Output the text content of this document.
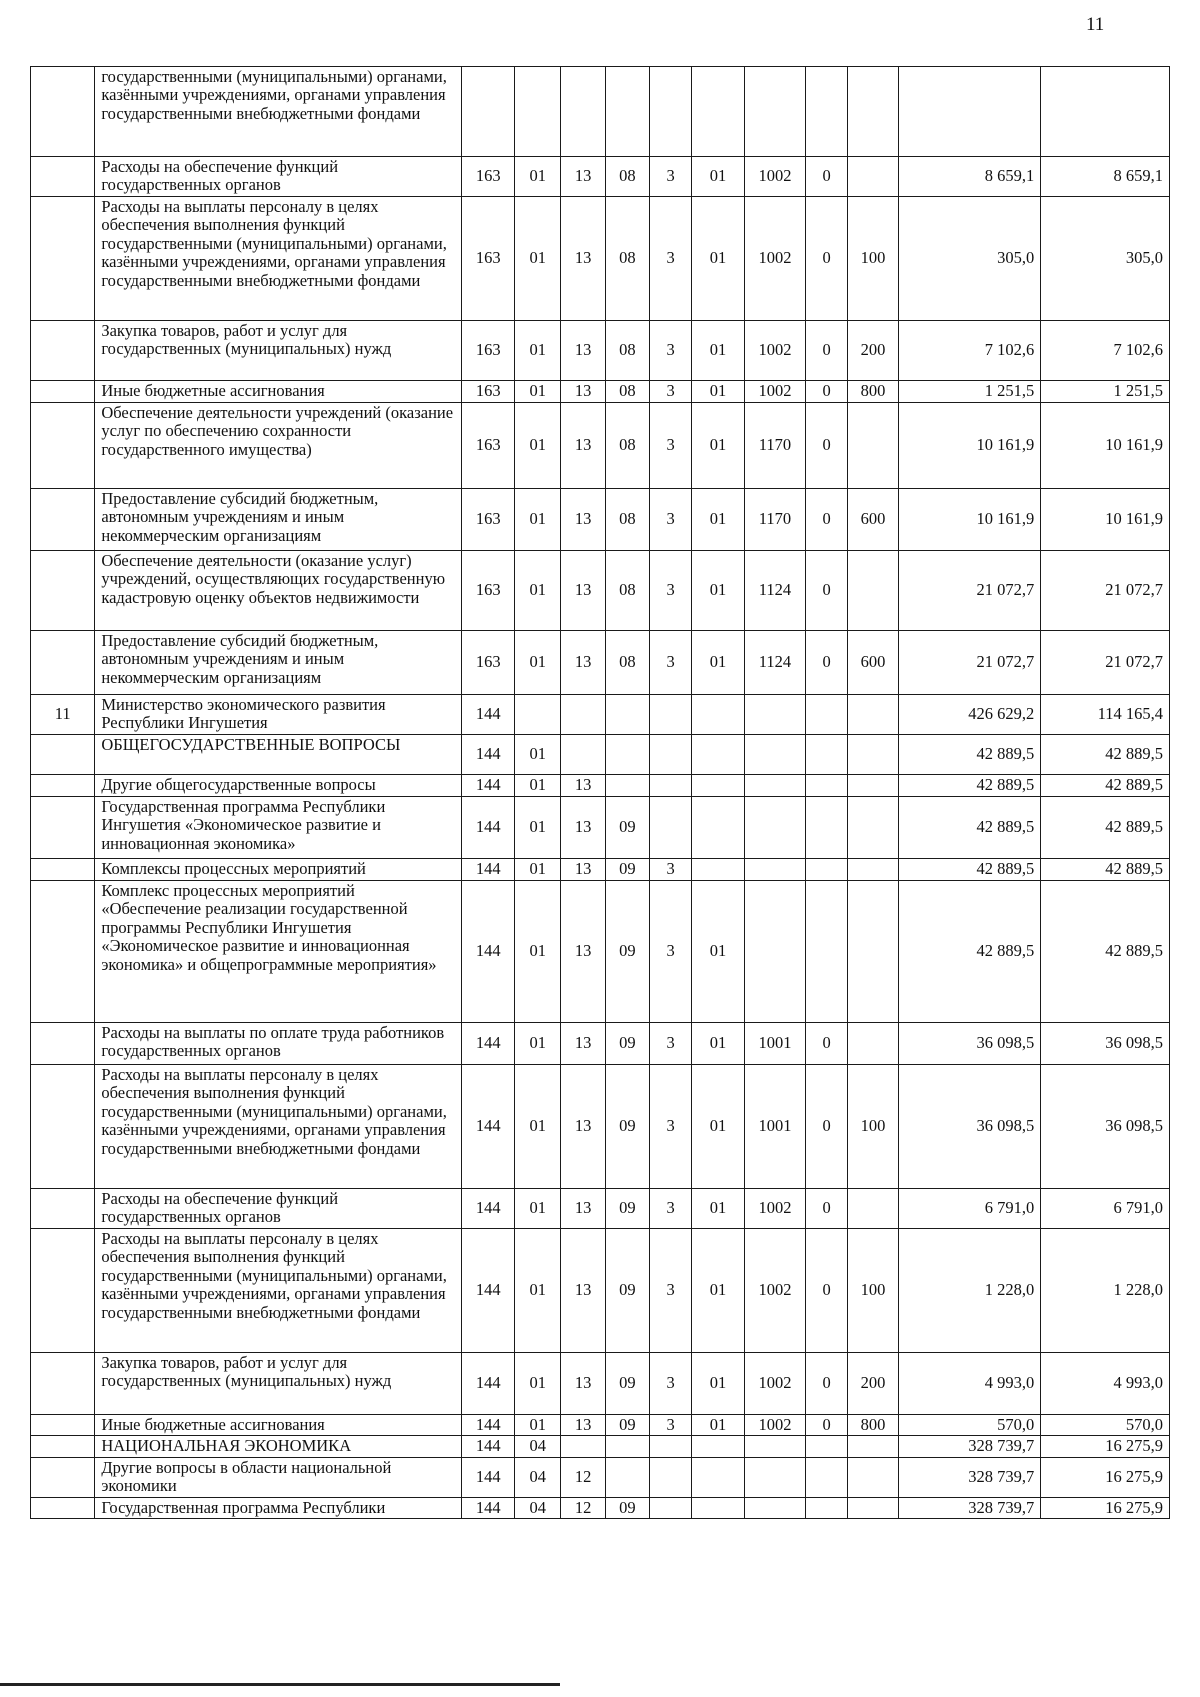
11
	государственными (муниципальными) органами, казёнными учреждениями, органами управления государственными внебюджетными фондами											
	Расходы на обеспечение функций государственных органов	163	01	13	08	3	01	1002	0		8 659,1	8 659,1
	Расходы на выплаты персоналу в целях обеспечения выполнения функций государственными (муниципальными) органами, казёнными учреждениями, органами управления государственными внебюджетными фондами	163	01	13	08	3	01	1002	0	100	305,0	305,0
	Закупка товаров, работ и услуг для государственных (муниципальных) нужд	163	01	13	08	3	01	1002	0	200	7 102,6	7 102,6
	Иные бюджетные ассигнования	163	01	13	08	3	01	1002	0	800	1 251,5	1 251,5
	Обеспечение деятельности учреждений (оказание услуг по обеспечению сохранности государственного имущества)	163	01	13	08	3	01	1170	0		10 161,9	10 161,9
	Предоставление субсидий бюджетным, автономным учреждениям и иным некоммерческим организациям	163	01	13	08	3	01	1170	0	600	10 161,9	10 161,9
	Обеспечение деятельности (оказание услуг) учреждений, осуществляющих государственную кадастровую оценку объектов недвижимости	163	01	13	08	3	01	1124	0		21 072,7	21 072,7
	Предоставление субсидий бюджетным, автономным учреждениям и иным некоммерческим организациям	163	01	13	08	3	01	1124	0	600	21 072,7	21 072,7
11	Министерство экономического развития Республики Ингушетия	144									426 629,2	114 165,4
	ОБЩЕГОСУДАРСТВЕННЫЕ ВОПРОСЫ	144	01								42 889,5	42 889,5
	Другие общегосударственные вопросы	144	01	13							42 889,5	42 889,5
	Государственная программа Республики Ингушетия «Экономическое развитие и инновационная экономика»	144	01	13	09						42 889,5	42 889,5
	Комплексы процессных мероприятий	144	01	13	09	3					42 889,5	42 889,5
	Комплекс процессных мероприятий «Обеспечение реализации государственной программы Республики Ингушетия «Экономическое развитие и инновационная экономика» и общепрограммные мероприятия»	144	01	13	09	3	01				42 889,5	42 889,5
	Расходы на выплаты по оплате труда работников государственных органов	144	01	13	09	3	01	1001	0		36 098,5	36 098,5
	Расходы на выплаты персоналу в целях обеспечения выполнения функций государственными (муниципальными) органами, казёнными учреждениями, органами управления государственными внебюджетными фондами	144	01	13	09	3	01	1001	0	100	36 098,5	36 098,5
	Расходы на обеспечение функций государственных органов	144	01	13	09	3	01	1002	0		6 791,0	6 791,0
	Расходы на выплаты персоналу в целях обеспечения выполнения функций государственными (муниципальными) органами, казёнными учреждениями, органами управления государственными внебюджетными фондами	144	01	13	09	3	01	1002	0	100	1 228,0	1 228,0
	Закупка товаров, работ и услуг для государственных (муниципальных) нужд	144	01	13	09	3	01	1002	0	200	4 993,0	4 993,0
	Иные бюджетные ассигнования	144	01	13	09	3	01	1002	0	800	570,0	570,0
	НАЦИОНАЛЬНАЯ ЭКОНОМИКА	144	04								328 739,7	16 275,9
	Другие вопросы в области национальной экономики	144	04	12							328 739,7	16 275,9
	Государственная программа Республики	144	04	12	09						328 739,7	16 275,9
